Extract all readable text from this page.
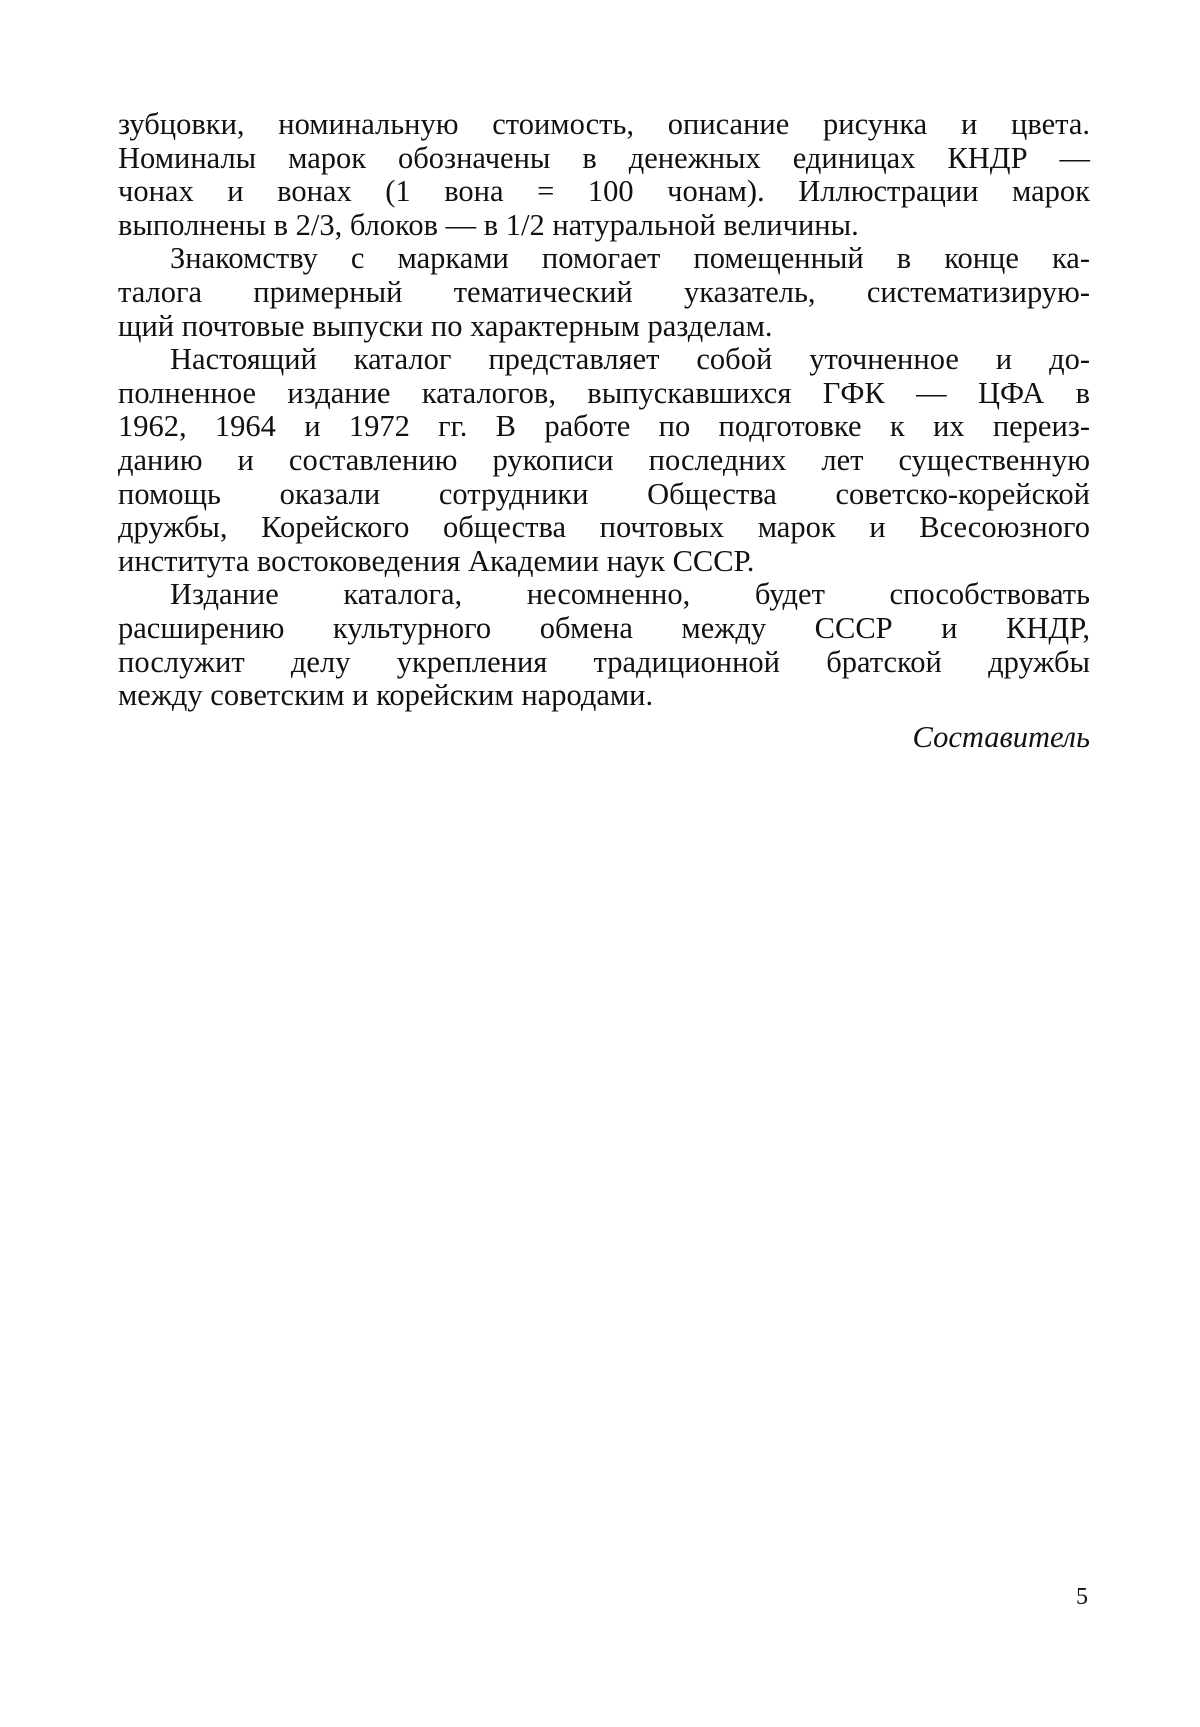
зубцовки, номинальную стоимость, описание рисунка и цвета.
Номиналы марок обозначены в денежных единицах КНДР —
чонах и вонах (1 вона = 100 чонам). Иллюстрации марок
выполнены в 2/3, блоков — в 1/2 натуральной величины.
Знакомству с марками помогает помещенный в конце ка-
талога примерный тематический указатель, систематизирую-
щий почтовые выпуски по характерным разделам.
Настоящий каталог представляет собой уточненное и до-
полненное издание каталогов, выпускавшихся ГФК — ЦФА в
1962, 1964 и 1972 гг. В работе по подготовке к их переиз-
данию и составлению рукописи последних лет существенную
помощь оказали сотрудники Общества советско-корейской
дружбы, Корейского общества почтовых марок и Всесоюзного
института востоковедения Академии наук СССР.
Издание каталога, несомненно, будет способствовать
расширению культурного обмена между СССР и КНДР,
послужит делу укрепления традиционной братской дружбы
между советским и корейским народами.
Составитель
5
